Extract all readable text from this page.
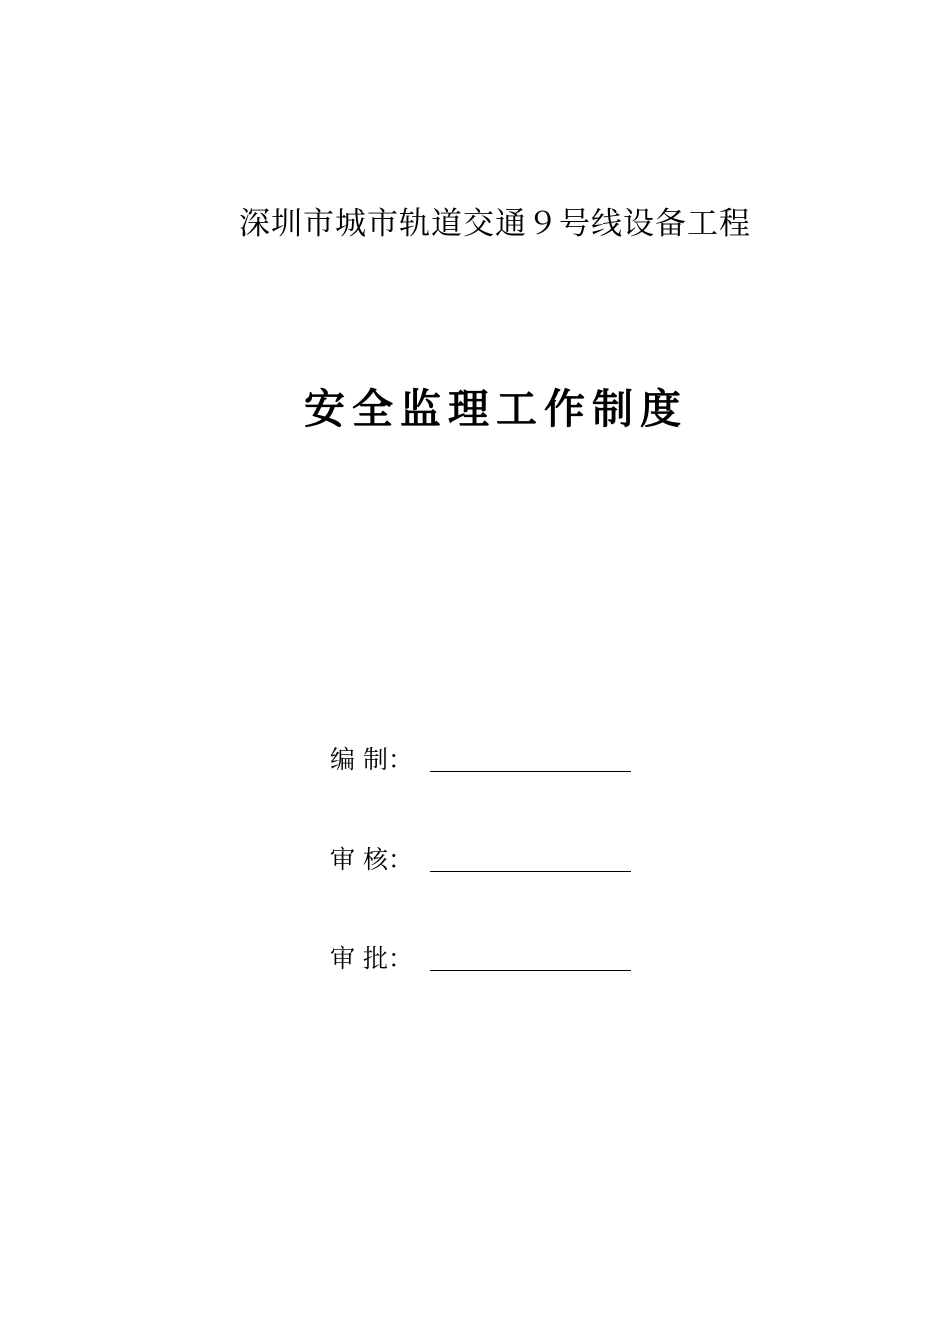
深圳市城市轨道交通９号线设备工程
安全监理工作制度
编 制：
审 核：
审 批：
